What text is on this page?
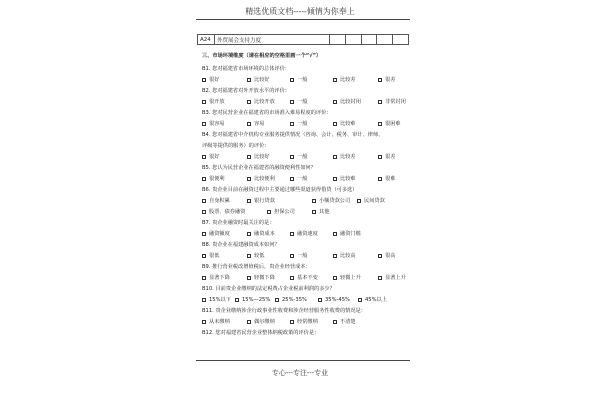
精选优质文档-----倾情为你奉上
A24	外贸展会支持力度					
三、市场环境维度（请在相应的空格里画一个“√”）
B1. 您对福建省市场环境的总体评价：
很好	比较好	一般	比较差	很差
B2. 您对福建省对外开放水平的评价：
很开放	比较开放	一般	比较封闭	非常封闭
B3. 您对民营企业在福建省的市场准入难易程度的评价：
很容易	容易	一般	比较难	很困难
B4. 您对福建省中介机构专业服务提供情况（咨询、会计、税务、审计、律师、
评级等提供的服务）的评价：
很好	比较好	一般	比较差	很差
B5. 您认为民营企业在福建省的融资便利性如何？
很便利	比较便利	一般	比较难	很难
B6. 贵企业目前在融资过程中主要通过哪些渠道获得借贷（可多选）
自身积累	银行贷款	小额贷款公司	民间贷款
股票、债券融资	担保公司	其他
B7. 贵企业融资时最关注的是：
融资额度	融资成本	融资速度	融资门槛
B8. 贵企业在福建融资成本如何？
很低	较低	一般	比较高	很高
B9. 推行营业税改增值税后，贵企业经营成本：
显著下降	轻微下降	基本不变	轻微上升	显著上升
B10. 目前贵企业缴纳的法定税费占企业税前利润的多少？
15%以下 15%—25% 25%-35%	35%-45%	45%以上
B11. 贵企业缴纳涉企行政事业性收费和涉企经营服务性收费的情况是：
从未缴纳	偶尔缴纳	经常缴纳	不清楚
B12. 您对福建省民营企业整体纳税政策的评价是：
专心---专注---专业
